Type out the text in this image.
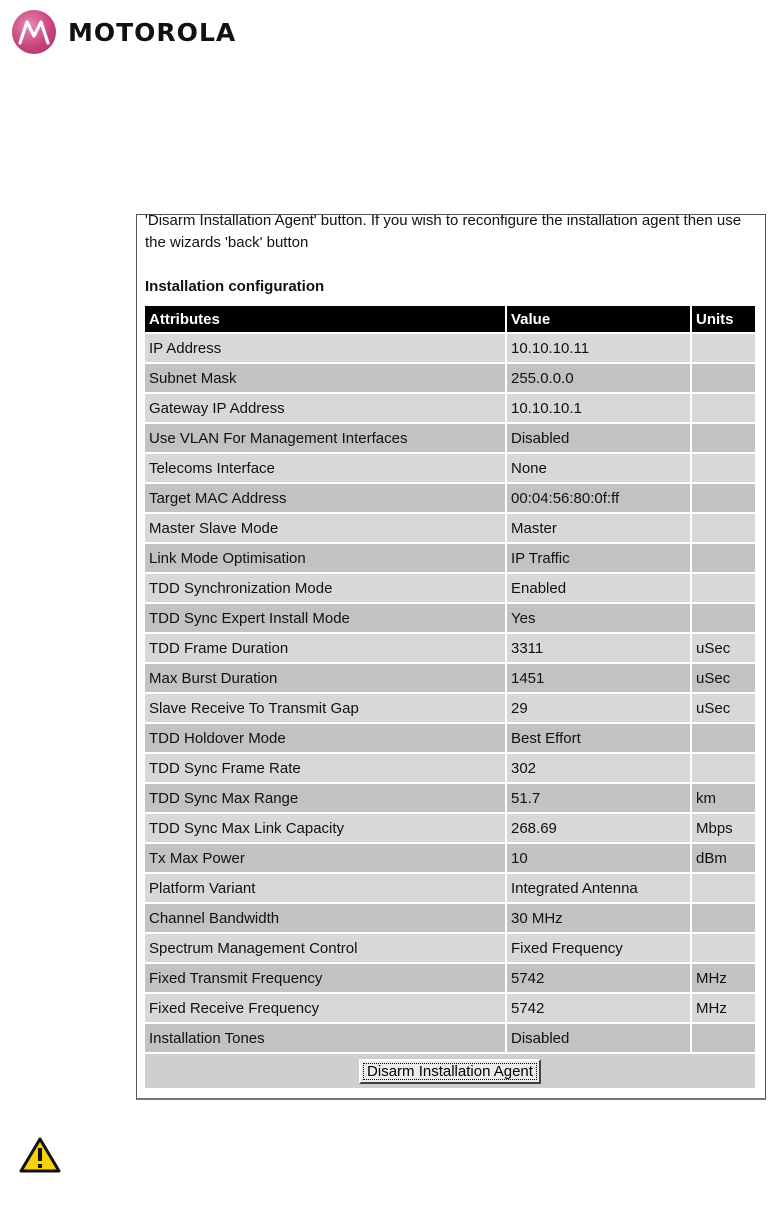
MOTOROLA
'Disarm Installation Agent' button. If you wish to reconfigure the installation agent then use the wizards 'back' button
Installation configuration
Attributes	Value	Units
IP Address	10.10.10.11	
Subnet Mask	255.0.0.0	
Gateway IP Address	10.10.10.1	
Use VLAN For Management Interfaces	Disabled	
Telecoms Interface	None	
Target MAC Address	00:04:56:80:0f:ff	
Master Slave Mode	Master	
Link Mode Optimisation	IP Traffic	
TDD Synchronization Mode	Enabled	
TDD Sync Expert Install Mode	Yes	
TDD Frame Duration	3311	uSec
Max Burst Duration	1451	uSec
Slave Receive To Transmit Gap	29	uSec
TDD Holdover Mode	Best Effort	
TDD Sync Frame Rate	302	
TDD Sync Max Range	51.7	km
TDD Sync Max Link Capacity	268.69	Mbps
Tx Max Power	10	dBm
Platform Variant	Integrated Antenna	
Channel Bandwidth	30 MHz	
Spectrum Management Control	Fixed Frequency	
Fixed Transmit Frequency	5742	MHz
Fixed Receive Frequency	5742	MHz
Installation Tones	Disabled	
Disarm Installation Agent		
